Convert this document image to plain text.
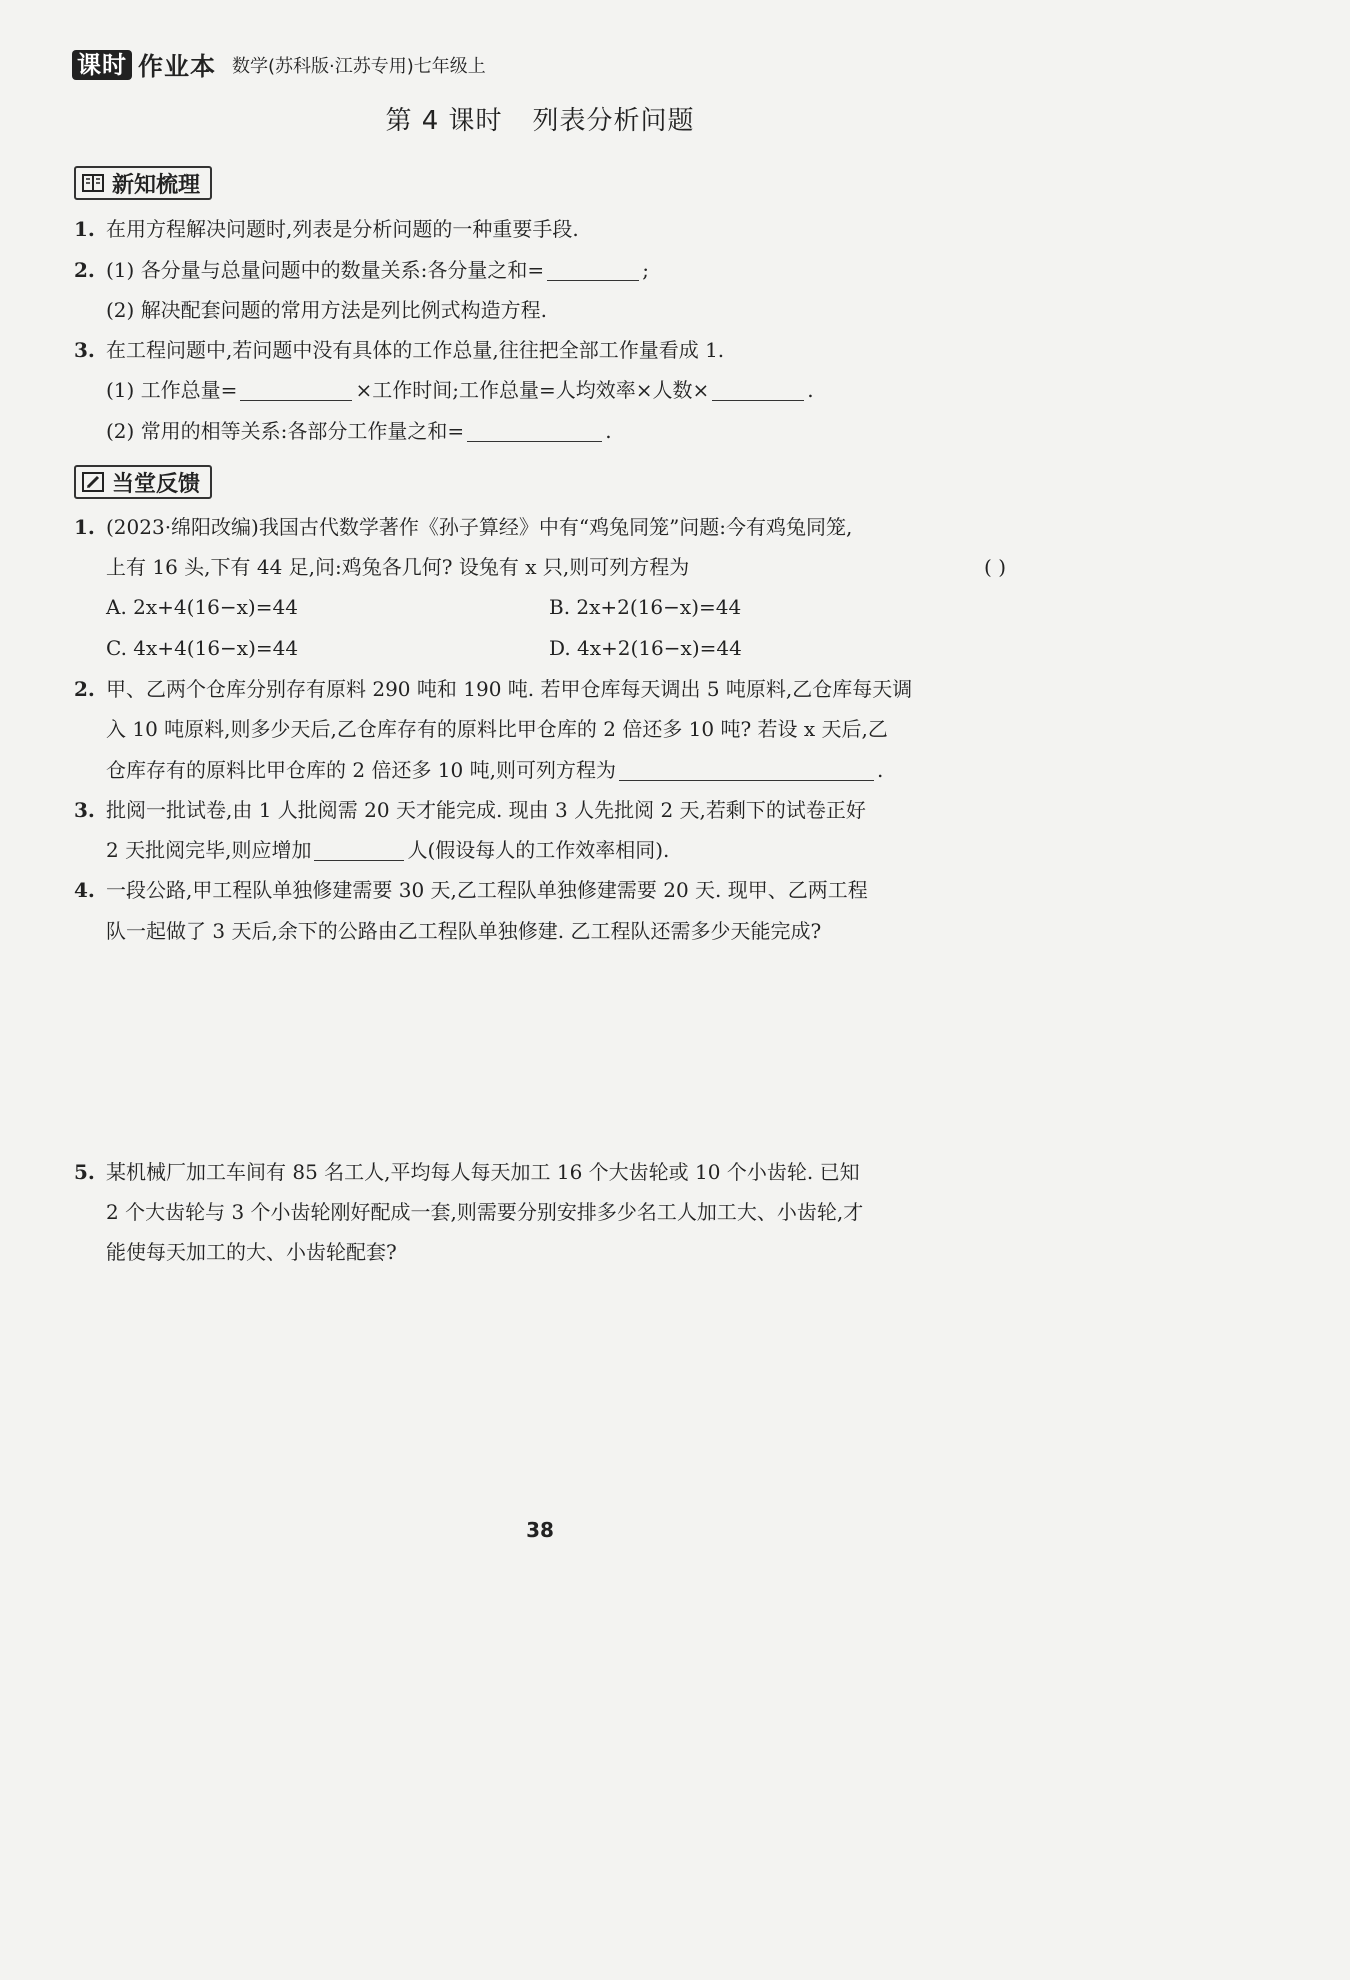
课时 作业本 数学(苏科版·江苏专用)七年级上
第 4 课时 列表分析问题
新知梳理
1. 在用方程解决问题时,列表是分析问题的一种重要手段.
2. (1) 各分量与总量问题中的数量关系:各分量之和=	;
(2) 解决配套问题的常用方法是列比例式构造方程.
3. 在工程问题中,若问题中没有具体的工作总量,往往把全部工作量看成 1.
(1) 工作总量=	×工作时间;工作总量=人均效率×人数×	.
(2) 常用的相等关系:各部分工作量之和=	.
当堂反馈
1. (2023·绵阳改编)我国古代数学著作《孙子算经》中有“鸡兔同笼”问题:今有鸡兔同笼,
上有 16 头,下有 44 足,问:鸡兔各几何? 设兔有 x 只,则可列方程为	( )
A. 2x+4(16−x)=44	B. 2x+2(16−x)=44
C. 4x+4(16−x)=44	D. 4x+2(16−x)=44
2. 甲、乙两个仓库分别存有原料 290 吨和 190 吨. 若甲仓库每天调出 5 吨原料,乙仓库每天调
入 10 吨原料,则多少天后,乙仓库存有的原料比甲仓库的 2 倍还多 10 吨? 若设 x 天后,乙
仓库存有的原料比甲仓库的 2 倍还多 10 吨,则可列方程为	.
3. 批阅一批试卷,由 1 人批阅需 20 天才能完成. 现由 3 人先批阅 2 天,若剩下的试卷正好
2 天批阅完毕,则应增加	人(假设每人的工作效率相同).
4. 一段公路,甲工程队单独修建需要 30 天,乙工程队单独修建需要 20 天. 现甲、乙两工程
队一起做了 3 天后,余下的公路由乙工程队单独修建. 乙工程队还需多少天能完成?
5. 某机械厂加工车间有 85 名工人,平均每人每天加工 16 个大齿轮或 10 个小齿轮. 已知
2 个大齿轮与 3 个小齿轮刚好配成一套,则需要分别安排多少名工人加工大、小齿轮,才
能使每天加工的大、小齿轮配套?
38
